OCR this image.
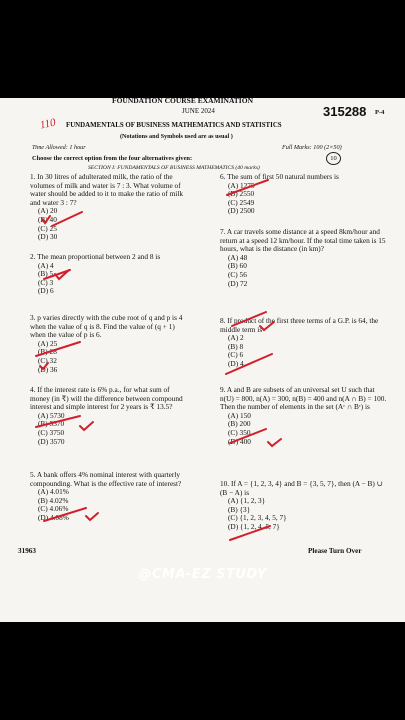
FOUNDATION COURSE EXAMINATION
JUNE 2024	315288 P-4
110 FUNDAMENTALS OF BUSINESS MATHEMATICS AND STATISTICS
(Notations and Symbols used are as usual )
Time Allowed: 1 hour	Full Marks: 100 (2×50)
Choose the correct option from the four alternatives given:	10
SECTION I: FUNDAMENTALS OF BUSINESS MATHEMATICS (40 marks)
1. In 30 litres of adulterated milk, the ratio of the volumes of milk and water is 7 : 3. What volume of water should be added to it to make the ratio of milk and water 3 : 7?
(A) 20
(B) 40
(C) 25
(D) 30
2. The mean proportional between 2 and 8 is
(A) 4
(B) 5
(C) 3
(D) 6
3. p varies directly with the cube root of q and p is 4 when the value of q is 8. Find the value of (q + 1) when the value of p is 6.
(A) 25
(B) 28
(C) 32
(D) 36
4. If the interest rate is 6% p.a., for what sum of money (in ₹) will the difference between compound interest and simple interest for 2 years is ₹ 13.5?
(A) 5730
(B) 5370
(C) 3750
(D) 3570
5. A bank offers 4% nominal interest with quarterly compounding. What is the effective rate of interest?
(A) 4.01%
(B) 4.02%
(C) 4.06%
(D) 4.08%
6. The sum of first 50 natural numbers is
(A) 1275
(B) 2550
(C) 2549
(D) 2500
7. A car travels some distance at a speed 8km/hour and return at a speed 12 km/hour. If the total time taken is 15 hours, what is the distance (in km)?
(A) 48
(B) 60
(C) 56
(D) 72
8. If product of the first three terms of a G.P. is 64, the middle term is
(A) 2
(B) 8
(C) 6
(D) 4
9. A and B are subsets of an universal set U such that n(U) = 800, n(A) = 300, n(B) = 400 and n(A ∩ B) = 100. Then the number of elements in the set (Aᶜ ∩ Bᶜ) is
(A) 150
(B) 200
(C) 350
(D) 400
10. If A = {1, 2, 3, 4} and B = {3, 5, 7}, then (A − B) ∪ (B − A) is
(A) {1, 2, 3}
(B) {3}
(C) {1, 2, 3, 4, 5, 7}
(D) {1, 2, 4, 5, 7}
31963	Please Turn Over
@CMA-EZ STUDY
